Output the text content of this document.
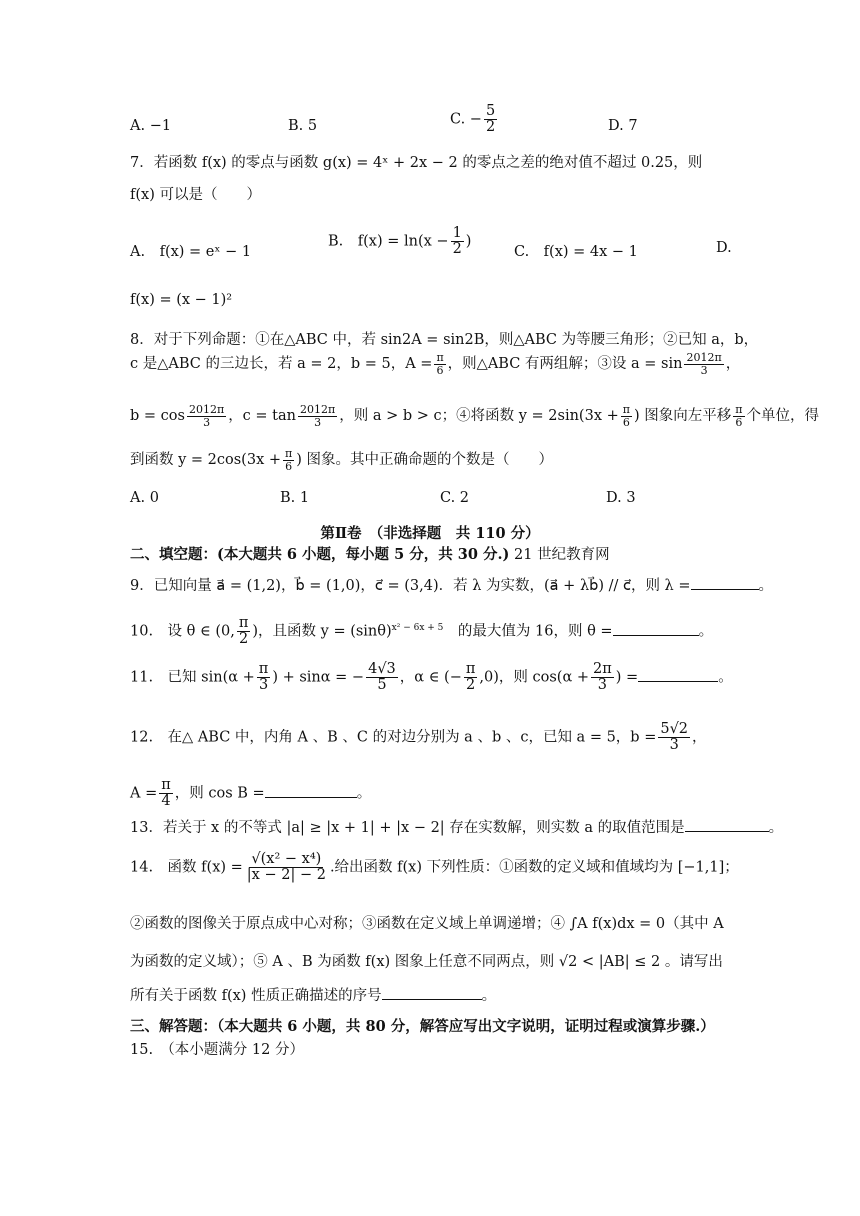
A. −1	B. 5	C. − $\frac{5}{2}$	D. 7
7．若函数 f(x) 的零点与函数 g(x) = 4ˣ + 2x − 2 的零点之差的绝对值不超过 0.25，则
f(x) 可以是（　　）
A.　f(x) = eˣ − 1
B.　$f(x) = \ln(x - \frac{1}{2}$ )
C.　f(x) = 4x − 1	D.
f(x) = (x − 1)²
8．对于下列命题：①在△ABC 中，若 sin2A = sin2B，则△ABC 为等腰三角形；②已知 a，b，
c 是△ABC 的三边长，若 a = 2，b = 5，$A = \frac{\pi}{6}$ ，则△ABC 有两组解；③设 $a = \sin \frac{2012\pi}{3}$ ，
$b = \cos \frac{2012\pi}{3}$ ，$c = \tan \frac{2012\pi}{3}$ ，则 a > b > c；④将函数 $y = 2\sin(3x + \frac{\pi}{6}$ ) 图象向左平移 $\frac{\pi}{6}$ 个单位，得
到函数 $y = 2\cos(3x + \frac{\pi}{6}$ ) 图象。其中正确命题的个数是（　　）
A. 0	B. 1	C. 2	D. 3
第Ⅱ卷　（非选择题　共 110 分）
二、填空题：(本大题共 6 小题，每小题 5 分，共 30 分.) 21 世纪教育网
9．已知向量 a⃗ = (1,2)，b⃗ = (1,0)，c⃗ = (3,4)．若 λ 为实数，(a⃗ + λb⃗) // c⃗，则 λ =	。
10.　设 θ ∈ (0, $\frac{\pi}{2}$ )，且函数 $y = (\sin\theta)^{x^2 - 6x + 5}$　的最大值为 16，则 θ =	。
11.　已知 $\sin(\alpha + \frac{\pi}{3}$ ) + sinα = − $\frac{4√3}{5}$ ，α ∈ (− $\frac{\pi}{2} ,0$)，则 $\cos(\alpha + \frac{2\pi}{3}$ ) =	。
12.　在△ ABC 中，内角 A 、B 、C 的对边分别为 a 、b 、c，已知 a = 5，$b = \frac{5√2}{3}$ ，
$A = \frac{\pi}{4}$ ，则 cos B =	。
13．若关于 x 的不等式 |a| ≥ |x + 1| + |x − 2| 存在实数解，则实数 a 的取值范围是	。
14.　函数 $f(x) = \frac{\text{√(x² − x⁴)}}{|x - 2| - 2}$ .给出函数 f(x) 下列性质：①函数的定义域和值域均为 [−1,1]；
②函数的图像关于原点成中心对称；③函数在定义域上单调递增；④ ∫A f(x)dx = 0（其中 A
为函数的定义域）；⑤ A 、B 为函数 f(x) 图象上任意不同两点，则 √2 < |AB| ≤ 2 。请写出
所有关于函数 f(x) 性质正确描述的序号	。
三、解答题：（本大题共 6 小题，共 80 分，解答应写出文字说明，证明过程或演算步骤.）
15.　（本小题满分 12 分）
